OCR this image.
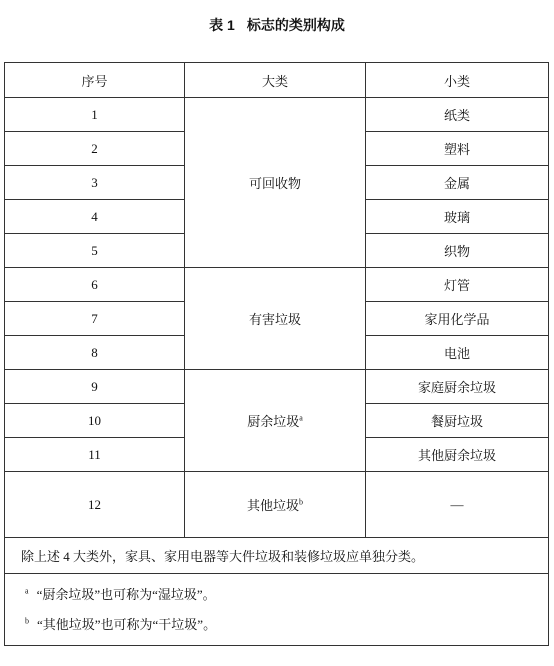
表 1 标志的类别构成
序号	大类	小类
1	可回收物	纸类
2		塑料
3		金属
4		玻璃
5		织物
6	有害垃圾	灯管
7		家用化学品
8		电池
9	厨余垃圾$^a$	家庭厨余垃圾
10		餐厨垃圾
11		其他厨余垃圾
12	其他垃圾$^b$	—
除上述 4 大类外，家具、家用电器等大件垃圾和装修垃圾应单独分类。		

$^a$ “厨余垃圾”也可称为“湿垃圾”。
$^b$ “其他垃圾”也可称为“干垃圾”。		
